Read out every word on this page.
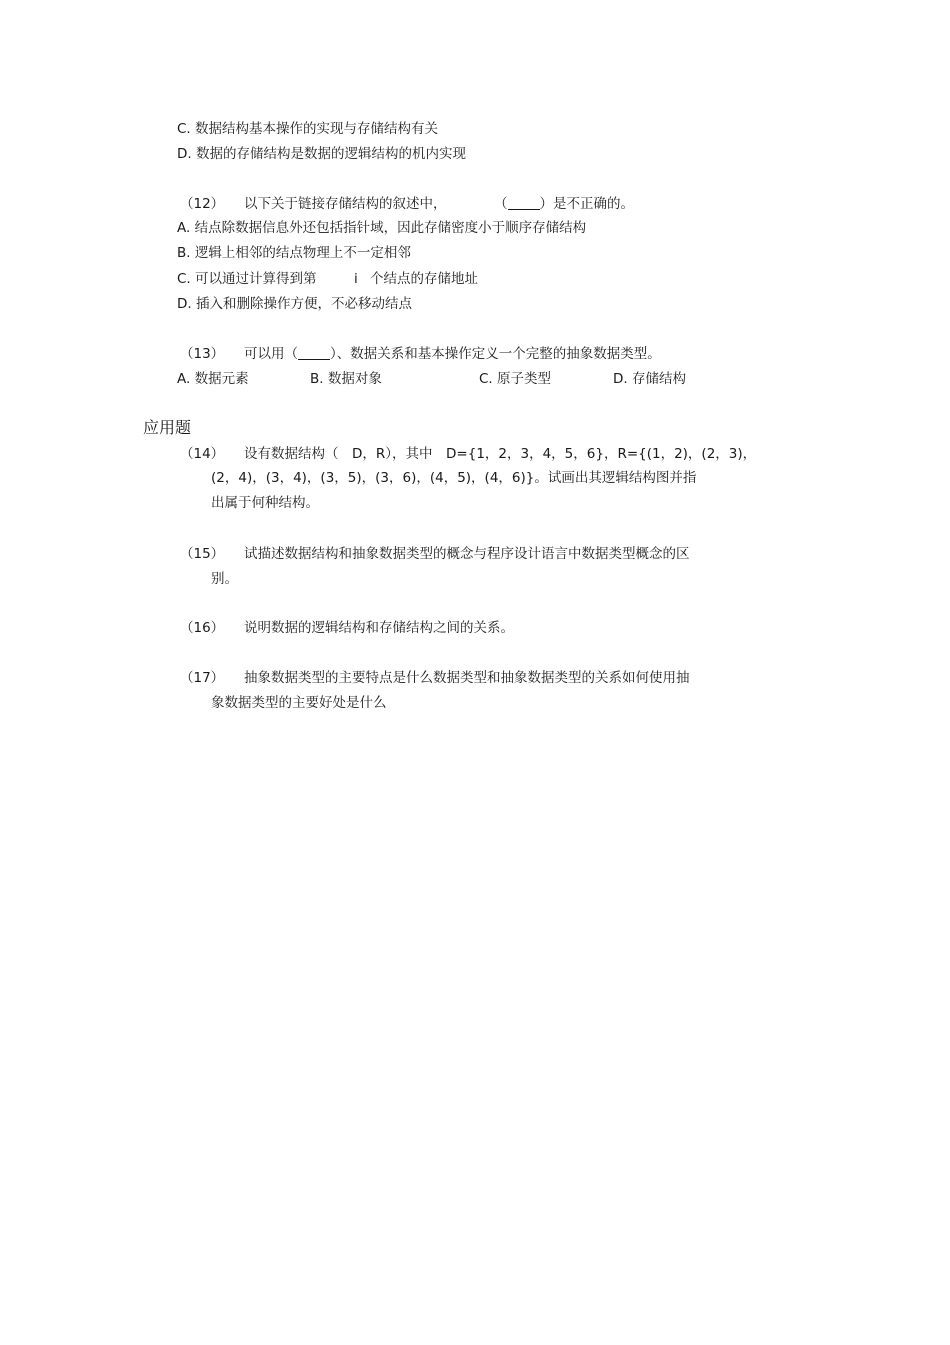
C. 数据结构基本操作的实现与存储结构有关
D. 数据的存储结构是数据的逻辑结构的机内实现
（12） 以下关于链接存储结构的叙述中，	（ ）是不正确的。
A. 结点除数据信息外还包括指针域，因此存储密度小于顺序存储结构
B. 逻辑上相邻的结点物理上不一定相邻
C. 可以通过计算得到第	i 个结点的存储地址
D. 插入和删除操作方便，不必移动结点
（13） 可以用（ ）、数据关系和基本操作定义一个完整的抽象数据类型。
A. 数据元素	B. 数据对象	C. 原子类型	D. 存储结构
应用题
（14） 设有数据结构（　D，R），其中　D={1，2，3，4，5，6}，R={(1，2)，(2，3)，
(2，4)，(3，4)，(3，5)，(3，6)，(4，5)，(4，6)}。试画出其逻辑结构图并指
出属于何种结构。
（15） 试描述数据结构和抽象数据类型的概念与程序设计语言中数据类型概念的区
别。
（16） 说明数据的逻辑结构和存储结构之间的关系。
（17） 抽象数据类型的主要特点是什么数据类型和抽象数据类型的关系如何使用抽
象数据类型的主要好处是什么
